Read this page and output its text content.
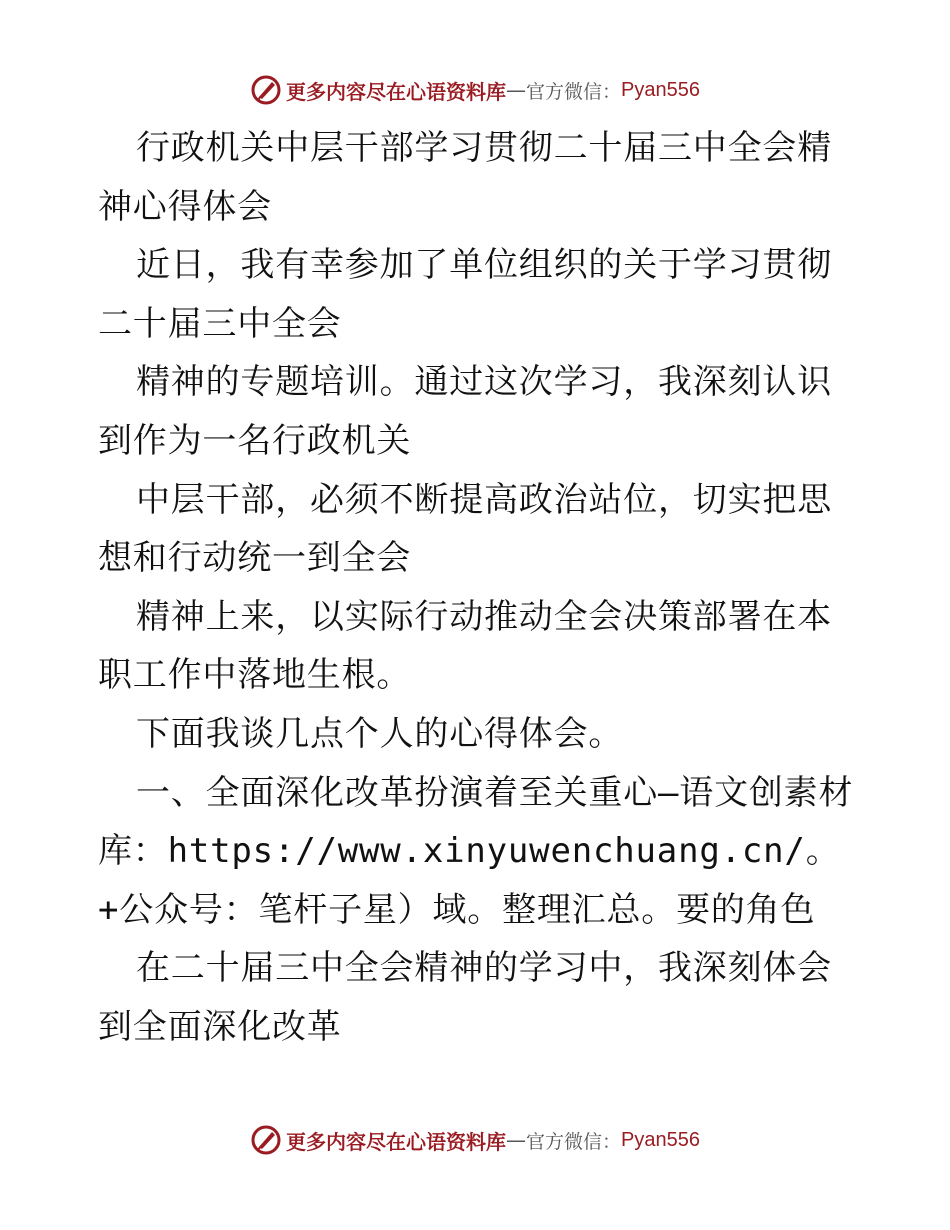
更多内容尽在心语资料库 — 官方微信： Pyan556

行政机关中层干部学习贯彻二十届三中全会精神心得体会

近日，我有幸参加了单位组织的关于学习贯彻二十届三中全会

精神的专题培训。通过这次学习，我深刻认识到作为一名行政机关

中层干部，必须不断提高政治站位，切实把思想和行动统一到全会

精神上来，以实际行动推动全会决策部署在本职工作中落地生根。

下面我谈几点个人的心得体会。

一、全面深化改革扮演着至关重心—语文创素材库：https://www.xinyuwenchuang.cn/。+公众号：笔杆子星）域。整理汇总。要的角色

在二十届三中全会精神的学习中，我深刻体会到全面深化改革

更多内容尽在心语资料库 — 官方微信： Pyan556
